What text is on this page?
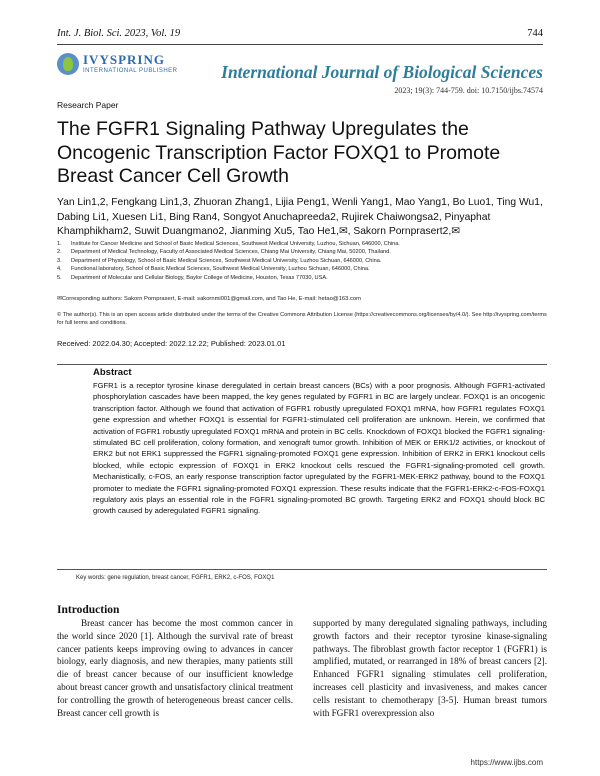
Int. J. Biol. Sci. 2023, Vol. 19	744
IVYSPRING
INTERNATIONAL PUBLISHER International Journal of Biological Sciences
2023; 19(3): 744-759. doi: 10.7150/ijbs.74574
Research Paper
The FGFR1 Signaling Pathway Upregulates the Oncogenic Transcription Factor FOXQ1 to Promote Breast Cancer Cell Growth
Yan Lin1,2, Fengkang Lin1,3, Zhuoran Zhang1, Lijia Peng1, Wenli Yang1, Mao Yang1, Bo Luo1, Ting Wu1, Dabing Li1, Xuesen Li1, Bing Ran4, Songyot Anuchapreeda2, Rujirek Chaiwongsa2, Pinyaphat Khamphikham2, Suwit Duangmano2, Jianming Xu5, Tao He1,✉, Sakorn Pornprasert2,✉
1.	Institute for Cancer Medicine and School of Basic Medical Sciences, Southwest Medical University, Luzhou, Sichuan, 646000, China.
2.	Department of Medical Technology, Faculty of Associated Medical Sciences, Chiang Mai University, Chiang Mai, 50200, Thailand.
3.	Department of Physiology, School of Basic Medical Sciences, Southwest Medical University, Luzhou Sichuan, 646000, China.
4.	Functional laboratory, School of Basic Medical Sciences, Southwest Medical University, Luzhou Sichuan, 646000, China.
5.	Department of Molecular and Cellular Biology, Baylor College of Medicine, Houston, Texas 77030, USA.
✉Corresponding authors: Sakorn Pornprasert, E-mail: sakornmi001@gmail.com, and Tao He, E-mail: hetao@163.com
© The author(s). This is an open access article distributed under the terms of the Creative Commons Attribution License (https://creativecommons.org/licenses/by/4.0/). See http://ivyspring.com/terms for full terms and conditions.
Received: 2022.04.30; Accepted: 2022.12.22; Published: 2023.01.01
Abstract
FGFR1 is a receptor tyrosine kinase deregulated in certain breast cancers (BCs) with a poor prognosis. Although FGFR1-activated phosphorylation cascades have been mapped, the key genes regulated by FGFR1 in BC are largely unclear. FOXQ1 is an oncogenic transcription factor. Although we found that activation of FGFR1 robustly upregulated FOXQ1 mRNA, how FGFR1 regulates FOXQ1 gene expression and whether FOXQ1 is essential for FGFR1-stimulated cell proliferation are unknown. Herein, we confirmed that activation of FGFR1 robustly upregulated FOXQ1 mRNA and protein in BC cells. Knockdown of FOXQ1 blocked the FGFR1 signaling-stimulated BC cell proliferation, colony formation, and xenograft tumor growth. Inhibition of MEK or ERK1/2 activities, or knockout of ERK2 but not ERK1 suppressed the FGFR1 signaling-promoted FOXQ1 gene expression. Inhibition of ERK2 in ERK1 knockout cells blocked, while ectopic expression of FOXQ1 in ERK2 knockout cells rescued the FGFR1-signaling-promoted cell growth. Mechanistically, c-FOS, an early response transcription factor upregulated by the FGFR1-MEK-ERK2 pathway, bound to the FOXQ1 promoter to mediate the FGFR1 signaling-promoted FOXQ1 expression. These results indicate that the FGFR1-ERK2-c-FOS-FOXQ1 regulatory axis plays an essential role in the FGFR1 signaling-promoted BC growth. Targeting ERK2 and FOXQ1 should block BC growth caused by aderegulated FGFR1 signaling.
Key words: gene regulation, breast cancer, FGFR1, ERK2, c-FOS, FOXQ1
Introduction
Breast cancer has become the most common cancer in the world since 2020 [1]. Although the survival rate of breast cancer patients keeps improving owing to advances in cancer biology, early diagnosis, and new therapies, many patients still die of breast cancer because of our insufficient knowledge about breast cancer growth and unsatisfactory clinical treatment for controlling the growth of heterogeneous breast cancer cells. Breast cancer cell growth is
supported by many deregulated signaling pathways, including growth factors and their receptor tyrosine kinase-signaling pathways. The fibroblast growth factor receptor 1 (FGFR1) is amplified, mutated, or rearranged in 18% of breast cancers [2]. Enhanced FGFR1 signaling stimulates cell proliferation, increases cell plasticity and invasiveness, and makes cancer cells resistant to chemotherapy [3-5]. Human breast tumors with FGFR1 overexpression also
https://www.ijbs.com
